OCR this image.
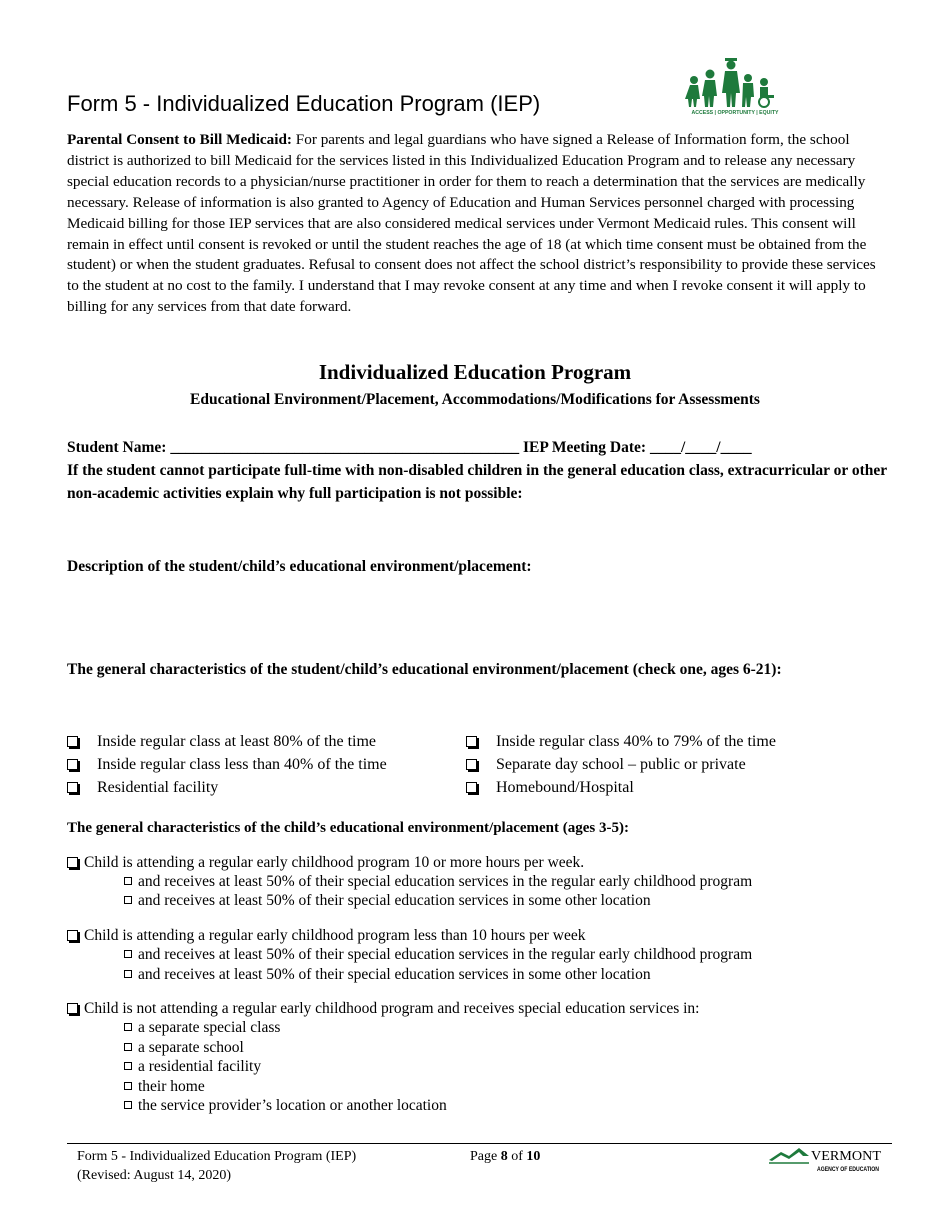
Form 5 - Individualized Education Program (IEP)	ACCESS | OPPORTUNITY | EQUITY
Parental Consent to Bill Medicaid: For parents and legal guardians who have signed a Release of Information form, the school district is authorized to bill Medicaid for the services listed in this Individualized Education Program and to release any necessary special education records to a physician/nurse practitioner in order for them to reach a determination that the services are medically necessary. Release of information is also granted to Agency of Education and Human Services personnel charged with processing Medicaid billing for those IEP services that are also considered medical services under Vermont Medicaid rules. This consent will remain in effect until consent is revoked or until the student reaches the age of 18 (at which time consent must be obtained from the student) or when the student graduates. Refusal to consent does not affect the school district’s responsibility to provide these services to the student at no cost to the family. I understand that I may revoke consent at any time and when I revoke consent it will apply to billing for any services from that date forward.
Individualized Education Program
Educational Environment/Placement, Accommodations/Modifications for Assessments
Student Name: _____________________________________________ IEP Meeting Date: ____/____/____
If the student cannot participate full-time with non-disabled children in the general education class, extracurricular or other non-academic activities explain why full participation is not possible:
Description of the student/child’s educational environment/placement:
The general characteristics of the student/child’s educational environment/placement (check one, ages 6-21):
Inside regular class at least 80% of the time	Inside regular class 40% to 79% of the time
Inside regular class less than 40% of the time	Separate day school – public or private
Residential facility	Homebound/Hospital
The general characteristics of the child’s educational environment/placement (ages 3-5):
Child is attending a regular early childhood program 10 or more hours per week.
and receives at least 50% of their special education services in the regular early childhood program
and receives at least 50% of their special education services in some other location
Child is attending a regular early childhood program less than 10 hours per week
and receives at least 50% of their special education services in the regular early childhood program
and receives at least 50% of their special education services in some other location
Child is not attending a regular early childhood program and receives special education services in:
a separate special class
a separate school
a residential facility
their home
the service provider’s location or another location
Form 5 - Individualized Education Program (IEP)
(Revised: August 14, 2020)
Page 8 of 10	VERMONT
AGENCY OF EDUCATION
